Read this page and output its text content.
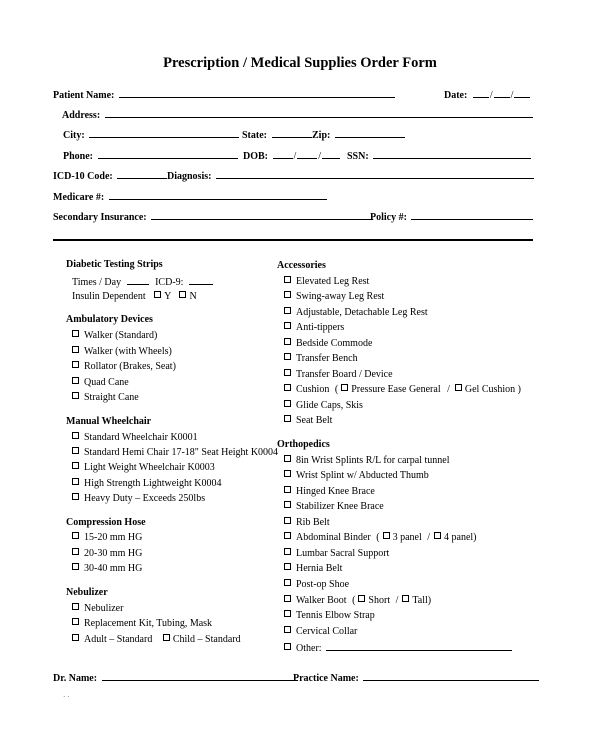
Prescription / Medical Supplies Order Form
Patient Name:	Date: / /
Address:
City:	State:	Zip:
Phone:	DOB:	/ /	SSN:
ICD-10 Code:	Diagnosis:
Medicare #:
Secondary Insurance:	Policy #:
Diabetic Testing Strips
Times / Day	ICD-9:
Insulin Dependent Y N
Ambulatory Devices
Walker (Standard)
Walker (with Wheels)
Rollator (Brakes, Seat)
Quad Cane
Straight Cane
Manual Wheelchair
Standard Wheelchair K0001
Standard Hemi Chair 17-18" Seat Height K0004
Light Weight Wheelchair K0003
High Strength Lightweight K0004
Heavy Duty – Exceeds 250lbs
Compression Hose
15-20 mm HG
20-30 mm HG
30-40 mm HG
Nebulizer
Nebulizer
Replacement Kit, Tubing, Mask
Adult – Standard Child – Standard
Accessories
Elevated Leg Rest
Swing-away Leg Rest
Adjustable, Detachable Leg Rest
Anti-tippers
Bedside Commode
Transfer Bench
Transfer Board / Device
Cushion ( Pressure Ease General / Gel Cushion )
Glide Caps, Skis
Seat Belt
Orthopedics
8in Wrist Splints R/L for carpal tunnel
Wrist Splint w/ Abducted Thumb
Hinged Knee Brace
Stabilizer Knee Brace
Rib Belt
Abdominal Binder ( 3 panel / 4 panel)
Lumbar Sacral Support
Hernia Belt
Post-op Shoe
Walker Boot ( Short / Tall)
Tennis Elbow Strap
Cervical Collar
Other:
Dr. Name:	Practice Name:
· ·
